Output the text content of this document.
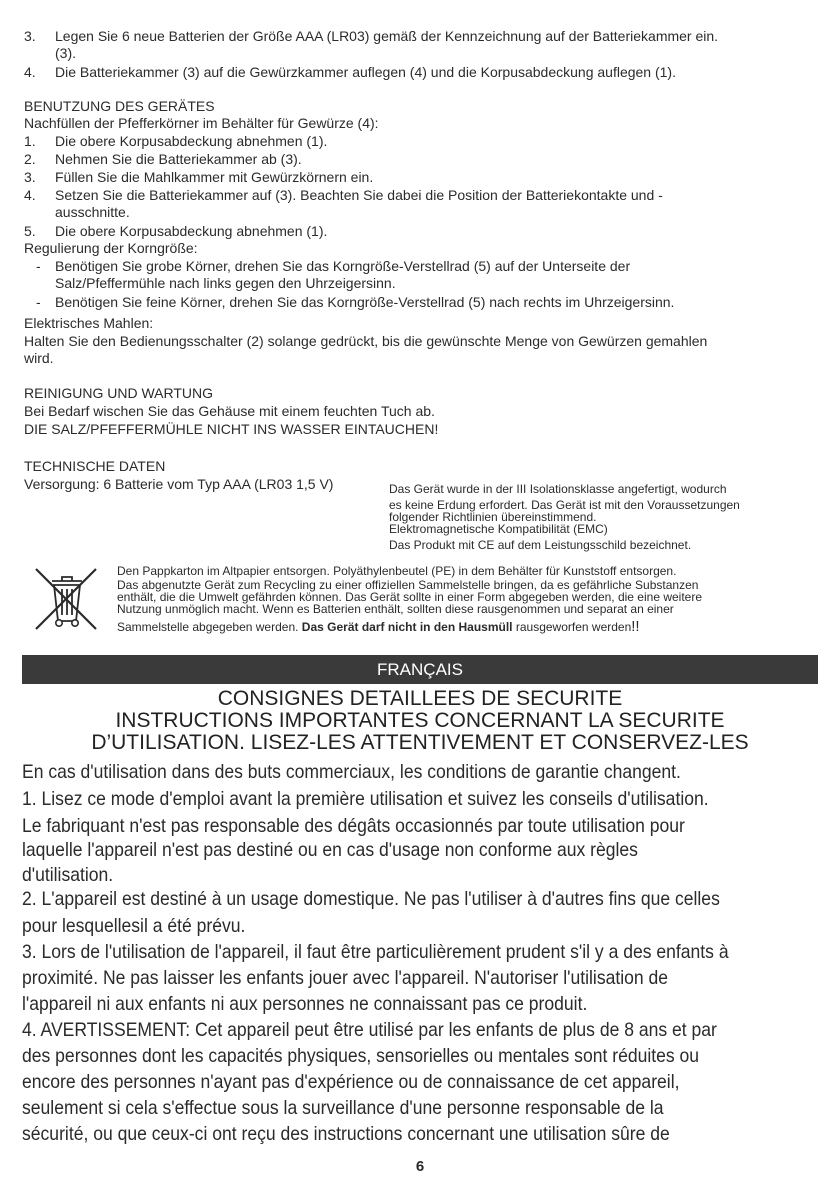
3. Legen Sie 6 neue Batterien der Größe AAA (LR03) gemäß der Kennzeichnung auf der Batteriekammer ein.
(3).
4. Die Batteriekammer (3) auf die Gewürzkammer auflegen (4) und die Korpusabdeckung auflegen (1).
BENUTZUNG DES GERÄTES
Nachfüllen der Pfefferkörner im Behälter für Gewürze (4):
1. Die obere Korpusabdeckung abnehmen (1).
2. Nehmen Sie die Batteriekammer ab (3).
3. Füllen Sie die Mahlkammer mit Gewürzkörnern ein.
4. Setzen Sie die Batteriekammer auf (3). Beachten Sie dabei die Position der Batteriekontakte und -
ausschnitte.
5. Die obere Korpusabdeckung abnehmen (1).
Regulierung der Korngröße:
- Benötigen Sie grobe Körner, drehen Sie das Korngröße-Verstellrad (5) auf der Unterseite der
Salz/Pfeffermühle nach links gegen den Uhrzeigersinn.
- Benötigen Sie feine Körner, drehen Sie das Korngröße-Verstellrad (5) nach rechts im Uhrzeigersinn.
Elektrisches Mahlen:
Halten Sie den Bedienungsschalter (2) solange gedrückt, bis die gewünschte Menge von Gewürzen gemahlen
wird.
REINIGUNG UND WARTUNG
Bei Bedarf wischen Sie das Gehäuse mit einem feuchten Tuch ab.
DIE SALZ/PFEFFERMÜHLE NICHT INS WASSER EINTAUCHEN!
TECHNISCHE DATEN
Versorgung: 6 Batterie vom Typ AAA (LR03 1,5 V)	Das Gerät wurde in der III Isolationsklasse angefertigt, wodurch
es keine Erdung erfordert. Das Gerät ist mit den Voraussetzungen
folgender Richtlinien übereinstimmend.
Elektromagnetische Kompatibilität (EMC)
Das Produkt mit CE auf dem Leistungsschild bezeichnet.
Den Pappkarton im Altpapier entsorgen. Polyäthylenbeutel (PE) in dem Behälter für Kunststoff entsorgen.
Das abgenutzte Gerät zum Recycling zu einer offiziellen Sammelstelle bringen, da es gefährliche Substanzen
enthält, die die Umwelt gefährden können. Das Gerät sollte in einer Form abgegeben werden, die eine weitere
Nutzung unmöglich macht. Wenn es Batterien enthält, sollten diese rausgenommen und separat an einer
Sammelstelle abgegeben werden. Das Gerät darf nicht in den Hausmüll rausgeworfen werden!!
FRANÇAIS
CONSIGNES DETAILLEES DE SECURITE
INSTRUCTIONS IMPORTANTES CONCERNANT LA SECURITE
D’UTILISATION. LISEZ-LES ATTENTIVEMENT ET CONSERVEZ-LES
En cas d'utilisation dans des buts commerciaux, les conditions de garantie changent.
1. Lisez ce mode d'emploi avant la première utilisation et suivez les conseils d'utilisation.
Le fabriquant n'est pas responsable des dégâts occasionnés par toute utilisation pour
laquelle l'appareil n'est pas destiné ou en cas d'usage non conforme aux règles
d'utilisation.
2. L'appareil est destiné à un usage domestique. Ne pas l'utiliser à d'autres fins que celles
pour lesquellesil a été prévu.
3. Lors de l'utilisation de l'appareil, il faut être particulièrement prudent s'il y a des enfants à
proximité. Ne pas laisser les enfants jouer avec l'appareil. N'autoriser l'utilisation de
l'appareil ni aux enfants ni aux personnes ne connaissant pas ce produit.
4. AVERTISSEMENT: Cet appareil peut être utilisé par les enfants de plus de 8 ans et par
des personnes dont les capacités physiques, sensorielles ou mentales sont réduites ou
encore des personnes n'ayant pas d'expérience ou de connaissance de cet appareil,
seulement si cela s'effectue sous la surveillance d'une personne responsable de la
sécurité, ou que ceux-ci ont reçu des instructions concernant une utilisation sûre de
6
